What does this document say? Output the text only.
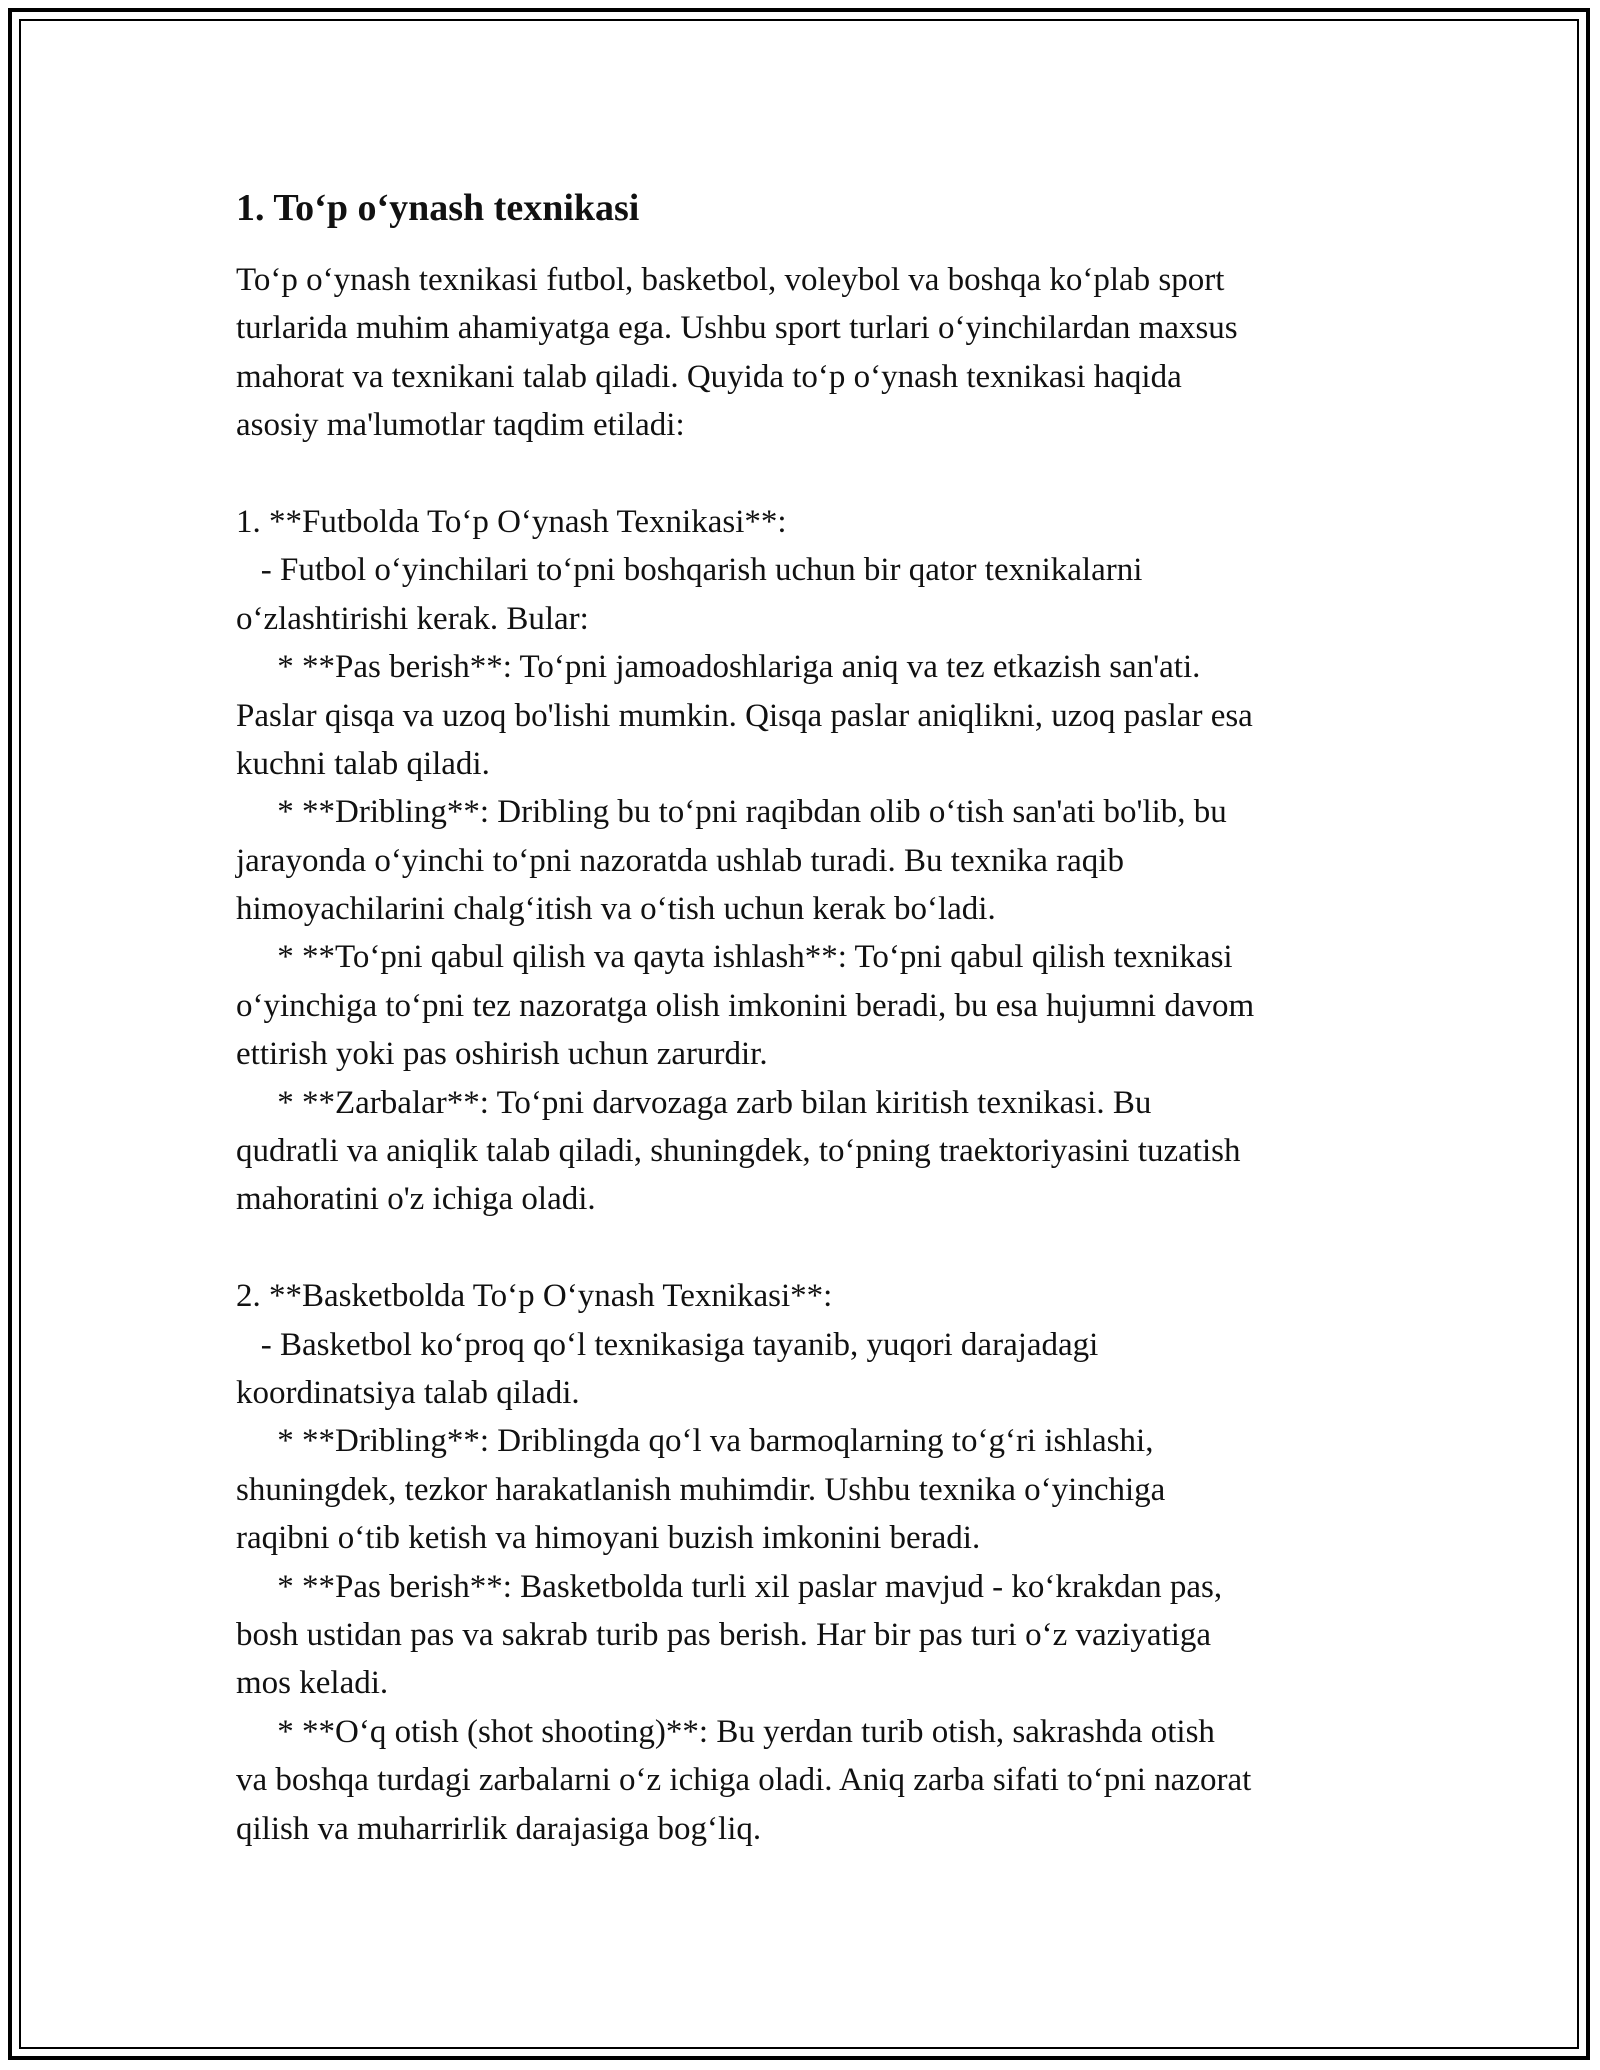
1. To‘p o‘ynash texnikasi
To‘p o‘ynash texnikasi futbol, basketbol, voleybol va boshqa ko‘plab sport
turlarida muhim ahamiyatga ega. Ushbu sport turlari o‘yinchilardan maxsus
mahorat va texnikani talab qiladi. Quyida to‘p o‘ynash texnikasi haqida
asosiy ma'lumotlar taqdim etiladi:
1. **Futbolda To‘p O‘ynash Texnikasi**:
- Futbol o‘yinchilari to‘pni boshqarish uchun bir qator texnikalarni
o‘zlashtirishi kerak. Bular:
* **Pas berish**: To‘pni jamoadoshlariga aniq va tez etkazish san'ati.
Paslar qisqa va uzoq bo'lishi mumkin. Qisqa paslar aniqlikni, uzoq paslar esa
kuchni talab qiladi.
* **Dribling**: Dribling bu to‘pni raqibdan olib o‘tish san'ati bo'lib, bu
jarayonda o‘yinchi to‘pni nazoratda ushlab turadi. Bu texnika raqib
himoyachilarini chalg‘itish va o‘tish uchun kerak bo‘ladi.
* **To‘pni qabul qilish va qayta ishlash**: To‘pni qabul qilish texnikasi
o‘yinchiga to‘pni tez nazoratga olish imkonini beradi, bu esa hujumni davom
ettirish yoki pas oshirish uchun zarurdir.
* **Zarbalar**: To‘pni darvozaga zarb bilan kiritish texnikasi. Bu
qudratli va aniqlik talab qiladi, shuningdek, to‘pning traektoriyasini tuzatish
mahoratini o'z ichiga oladi.
2. **Basketbolda To‘p O‘ynash Texnikasi**:
- Basketbol ko‘proq qo‘l texnikasiga tayanib, yuqori darajadagi
koordinatsiya talab qiladi.
* **Dribling**: Driblingda qo‘l va barmoqlarning to‘g‘ri ishlashi,
shuningdek, tezkor harakatlanish muhimdir. Ushbu texnika o‘yinchiga
raqibni o‘tib ketish va himoyani buzish imkonini beradi.
* **Pas berish**: Basketbolda turli xil paslar mavjud - ko‘krakdan pas,
bosh ustidan pas va sakrab turib pas berish. Har bir pas turi o‘z vaziyatiga
mos keladi.
* **O‘q otish (shot shooting)**: Bu yerdan turib otish, sakrashda otish
va boshqa turdagi zarbalarni o‘z ichiga oladi. Aniq zarba sifati to‘pni nazorat
qilish va muharrirlik darajasiga bog‘liq.
